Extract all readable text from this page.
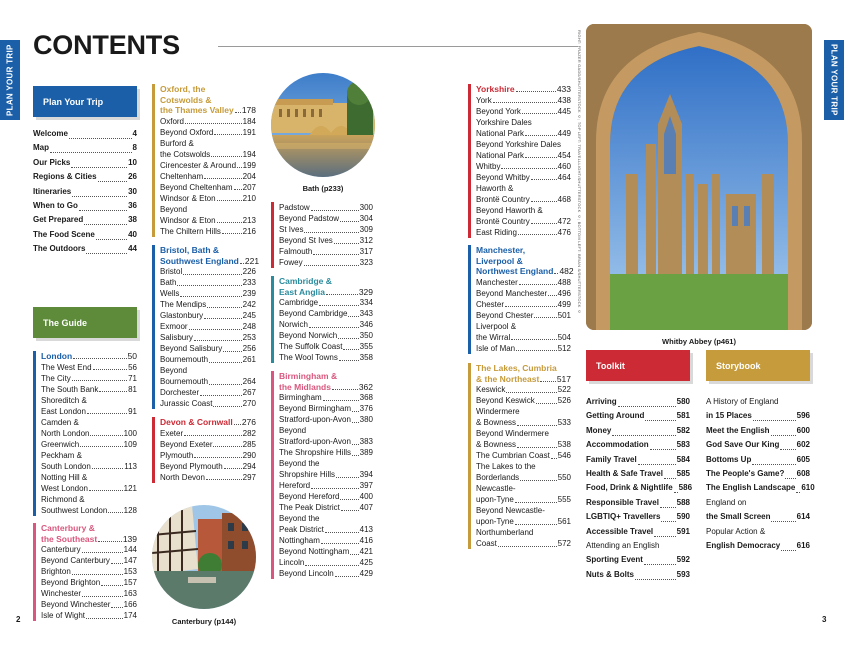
PLAN YOUR TRIP	PLAN YOUR TRIP
CONTENTS
Plan Your Trip
Welcome	4
Map	8
Our Picks	10
Regions & Cities	26
Itineraries	30
When to Go	36
Get Prepared	38
The Food Scene	40
The Outdoors	44
The Guide
London	50
The West End	56
The City	71
The South Bank	81
Shoreditch &
East London	91
Camden &
North London	100
Greenwich	109
Peckham &
South London	113
Notting Hill &
West London	121
Richmond &
Southwest London 128
Canterbury &
the Southeast	139
Canterbury	144
Beyond Canterbury 147
Brighton	153
Beyond Brighton	157
Winchester	163
Beyond Winchester 166
Isle of Wight	174
Oxford, the
Cotswolds &
the Thames Valley 178
Oxford	184
Beyond Oxford	191
Burford &
the Cotswolds	194
Cirencester & Around 199
Cheltenham	204
Beyond Cheltenham 207
Windsor & Eton	210
Beyond
Windsor & Eton	213
The Chiltern Hills	216
Bristol, Bath &
Southwest England 221
Bristol	226
Bath	233
Wells	239
The Mendips	242
Glastonbury	245
Exmoor	248
Salisbury	253
Beyond Salisbury	256
Bournemouth	261
Beyond
Bournemouth	264
Dorchester	267
Jurassic Coast	270
Devon & Cornwall 276
Exeter	282
Beyond Exeter	285
Plymouth	290
Beyond Plymouth 294
North Devon	297
Padstow	300
Beyond Padstow	304
St Ives	309
Beyond St Ives	312
Falmouth	317
Fowey	323
Cambridge &
East Anglia	329
Cambridge	334
Beyond Cambridge 343
Norwich	346
Beyond Norwich	350
The Suffolk Coast 355
The Wool Towns	358
Birmingham &
the Midlands	362
Birmingham	368
Beyond Birmingham 376
Stratford-upon-Avon 380
Beyond
Stratford-upon-Avon 383
The Shropshire Hills 389
Beyond the
Shropshire Hills	394
Hereford	397
Beyond Hereford	400
The Peak District 407
Beyond the
Peak District	413
Nottingham	416
Beyond Nottingham 421
Lincoln	425
Beyond Lincoln	429
Yorkshire	433
York	438
Beyond York	445
Yorkshire Dales
National Park	449
Beyond Yorkshire Dales
National Park	454
Whitby	460
Beyond Whitby	464
Haworth &
Brontë Country	468
Beyond Haworth &
Brontë Country	472
East Riding	476
Manchester,
Liverpool &
Northwest England 482
Manchester	488
Beyond Manchester 496
Chester	499
Beyond Chester	501
Liverpool &
the Wirral	504
Isle of Man	512
The Lakes, Cumbria
& the Northeast 517
Keswick	522
Beyond Keswick	526
Windermere
& Bowness	533
Beyond Windermere
& Bowness	538
The Cumbrian Coast 546
The Lakes to the
Borderlands	550
Newcastle-
upon-Tyne	555
Beyond Newcastle-
upon-Tyne	561
Northumberland
Coast	572
Bath (p233)
Canterbury (p144)
Whitby Abbey (p461)
RIGHT: FRAZER GADD/SHUTTERSTOCK ©; TOP LEFT: TRAVELLLIGHT/SHUTTERSTOCK ©; BOTTOM LEFT: BRIAN S/SHUTTERSTOCK ©
Toolkit
Arriving	580
Getting Around	581
Money	582
Accommodation	583
Family Travel	584
Health & Safe Travel 585
Food, Drink & Nightlife 586
Responsible Travel 588
LGBTIQ+ Travellers 590
Accessible Travel	591
Attending an English
Sporting Event	592
Nuts & Bolts	593
Storybook
A History of England
in 15 Places	596
Meet the English	600
God Save Our King 602
Bottoms Up	605
The People's Game? 608
The English Landscape 610
England on
the Small Screen	614
Popular Action &
English Democracy 616
2	3
